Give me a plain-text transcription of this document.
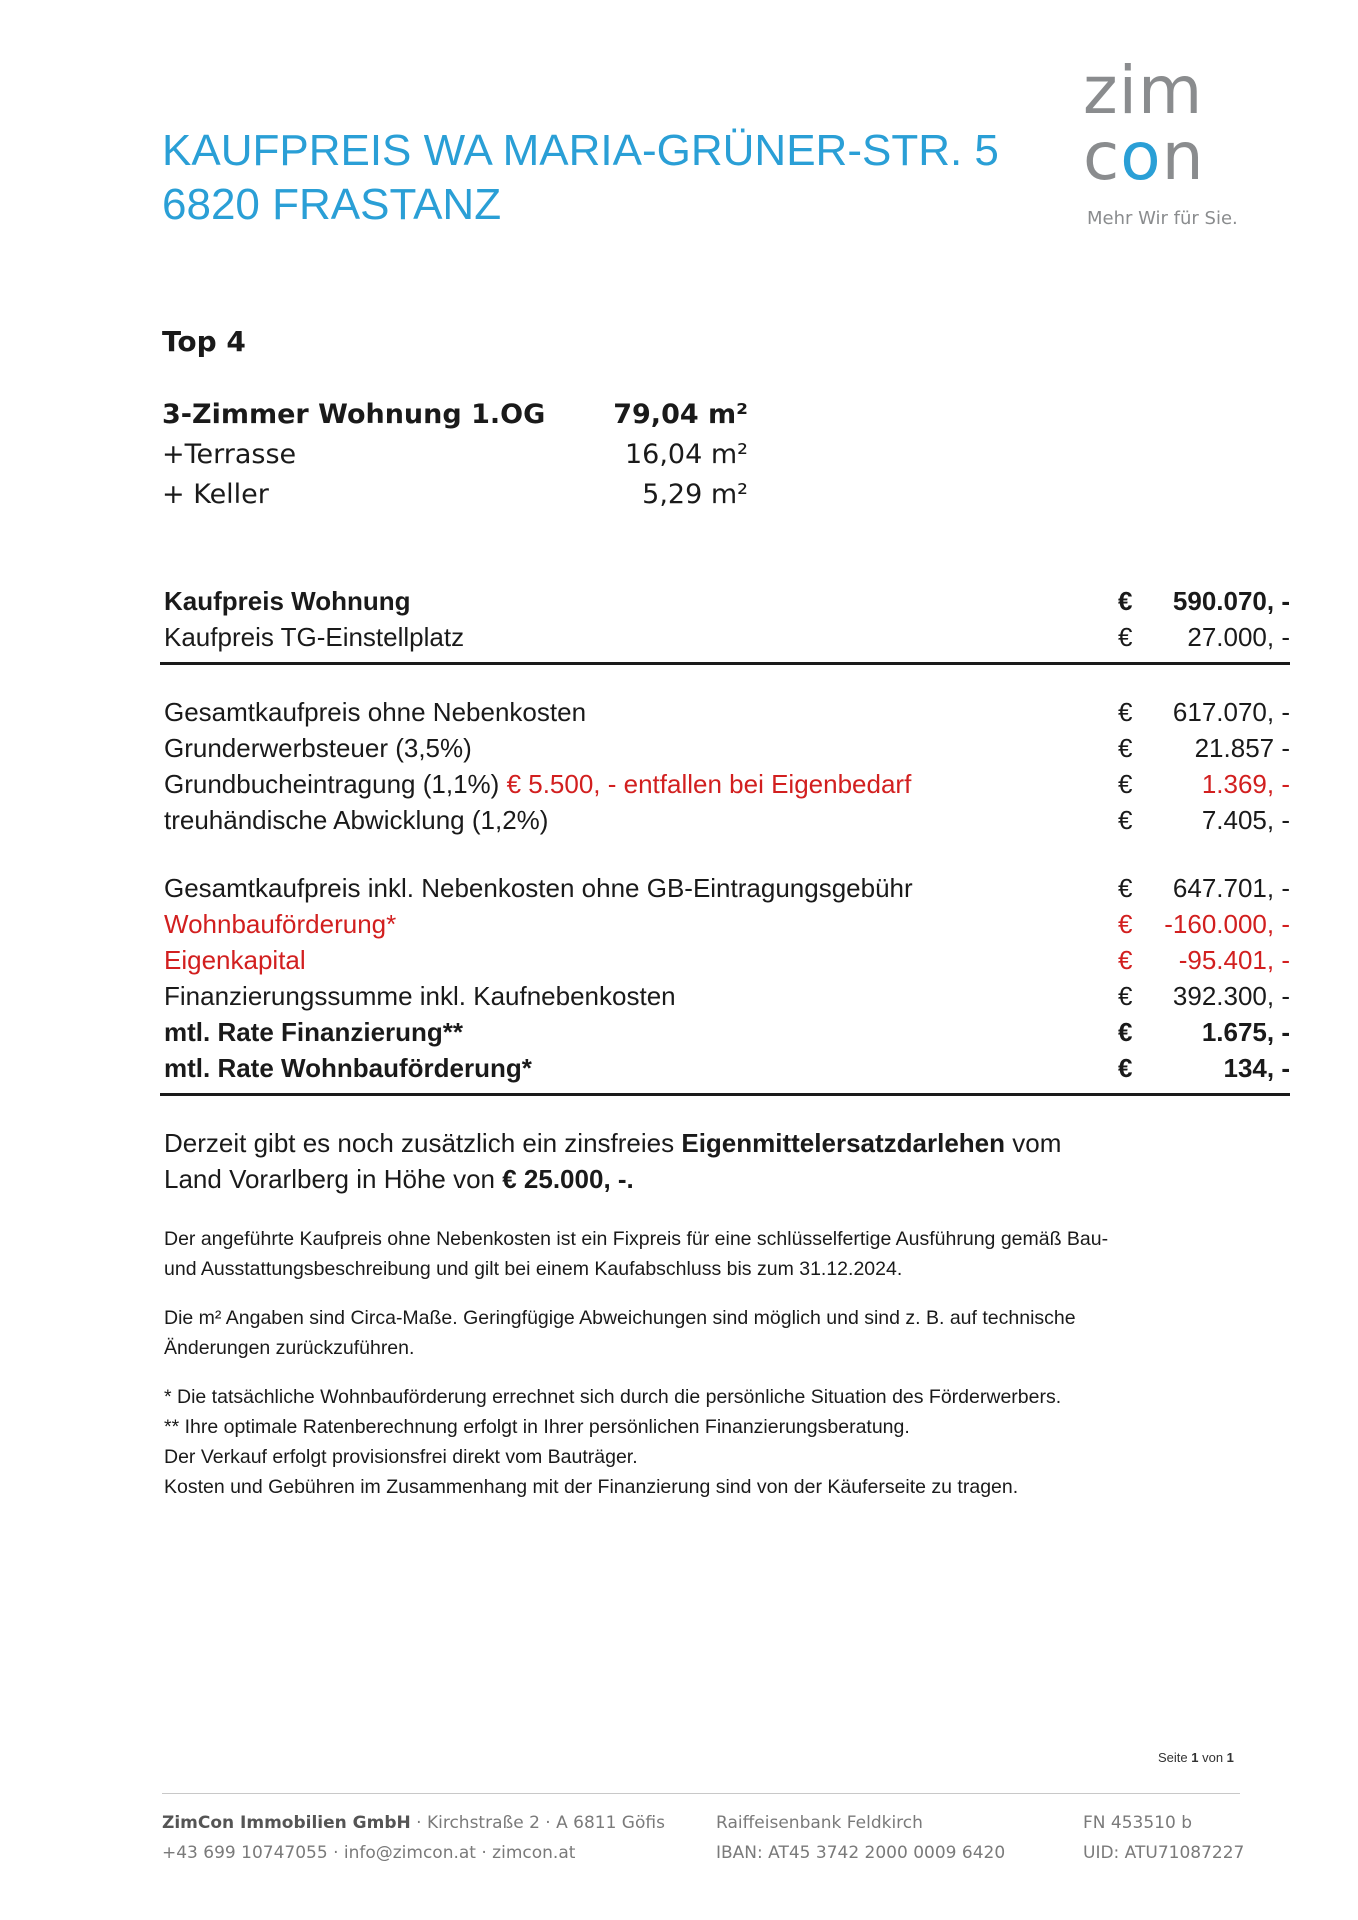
KAUFPREIS WA MARIA-GRÜNER-STR. 5
6820 FRASTANZ
zim
con
Mehr Wir für Sie.
Top 4
3-Zimmer Wohnung 1.OG	79,04 m²
+Terrasse	16,04 m²
+ Keller	5,29 m²
Kaufpreis Wohnung	€ 590.070, -
Kaufpreis TG-Einstellplatz	€ 27.000, -
Gesamtkaufpreis ohne Nebenkosten	€ 617.070, -
Grunderwerbsteuer (3,5%)	€ 21.857 -
Grundbucheintragung (1,1%) € 5.500, - entfallen bei Eigenbedarf	€	1.369, -
treuhändische Abwicklung (1,2%)	€	7.405, -
Gesamtkaufpreis inkl. Nebenkosten ohne GB-Eintragungsgebühr	€ 647.701, -
Wohnbauförderung*	€ -160.000, -
Eigenkapital	€ -95.401, -
Finanzierungssumme inkl. Kaufnebenkosten	€ 392.300, -
mtl. Rate Finanzierung**	€	1.675, -
mtl. Rate Wohnbauförderung*	€	134, -
Derzeit gibt es noch zusätzlich ein zinsfreies Eigenmittelersatzdarlehen vom
Land Vorarlberg in Höhe von € 25.000, -.
Der angeführte Kaufpreis ohne Nebenkosten ist ein Fixpreis für eine schlüsselfertige Ausführung gemäß Bau-
und Ausstattungsbeschreibung und gilt bei einem Kaufabschluss bis zum 31.12.2024.
Die m² Angaben sind Circa-Maße. Geringfügige Abweichungen sind möglich und sind z. B. auf technische
Änderungen zurückzuführen.
* Die tatsächliche Wohnbauförderung errechnet sich durch die persönliche Situation des Förderwerbers.
** Ihre optimale Ratenberechnung erfolgt in Ihrer persönlichen Finanzierungsberatung.
Der Verkauf erfolgt provisionsfrei direkt vom Bauträger.
Kosten und Gebühren im Zusammenhang mit der Finanzierung sind von der Käuferseite zu tragen.
Seite 1 von 1
ZimCon Immobilien GmbH · Kirchstraße 2 · A 6811 Göfis
+43 699 10747055 · info@zimcon.at · zimcon.at
Raiffeisenbank Feldkirch
IBAN: AT45 3742 2000 0009 6420
FN 453510 b
UID: ATU71087227
